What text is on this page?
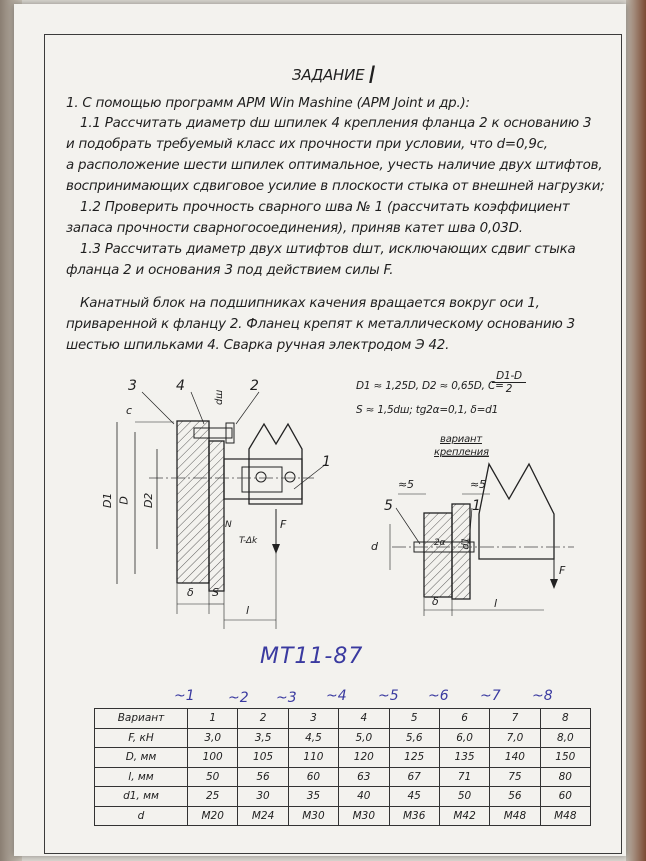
ЗАДАНИЕ I
1. С помощью программ APM Win Mashine (APM Joint и др.):
1.1 Рассчитать диаметр dш шпилек 4 крепления фланца 2 к основанию 3
и подобрать требуемый класс их прочности при условии, что d=0,9c,
а расположение шести шпилек оптимальное, учесть наличие двух штифтов,
воспринимающих сдвиговое усилие в плоскости стыка от внешней нагрузки;
1.2 Проверить прочность сварного шва № 1 (рассчитать коэффициент
запаса прочности сварногосоединения), приняв катет шва 0,03D.
1.3 Рассчитать диаметр двух штифтов dшт, исключающих сдвиг стыка
фланца 2 и основания 3 под действием силы F.
Канатный блок на подшипниках качения вращается вокруг оси 1,
приваренной к фланцу 2. Фланец крепят к металлическому основанию 3
шестью шпильками 4. Сварка ручная электродом Э 42.
D1 ≈ 1,25D, D2 ≈ 0,65D, C=
$\frac{D1-D}{2}$
S ≈ 1,5dш; tg2α=0,1, δ=d1
3	4	2
1
c
dш
D1 D D2
F
N
T-Δk
δ S
l
вариант
крепления
≈5	≈5
5	1
d	d1
2α
F
δ	l
МТ11-87
~1 ~2 ~3 ~4 ~5 ~6 ~7 ~8
Вариант	1	2	3	4	5	6	7	8
F, кН	3,0	3,5	4,5	5,0	5,6	6,0	7,0	8,0
D, мм	100	105	110	120	125	135	140	150
l, мм	50	56	60	63	67	71	75	80
d1, мм	25	30	35	40	45	50	56	60
d	M20	M24	M30	M30	M36	M42	M48	M48
